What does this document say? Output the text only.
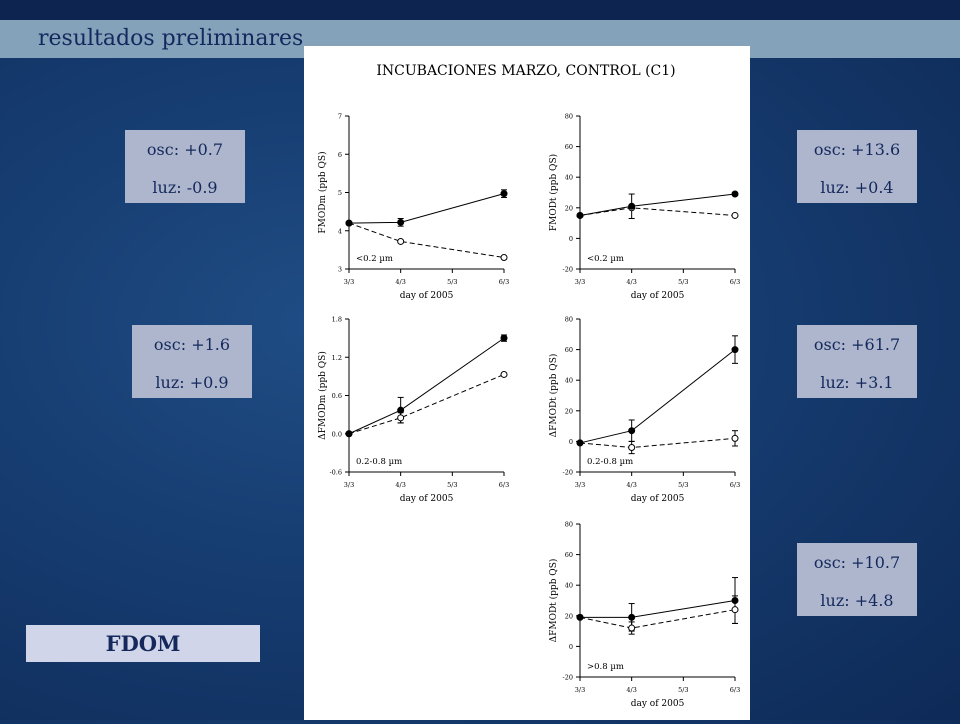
resultados preliminares
INCUBACIONES MARZO, CONTROL (C1)
3
4
5
6
7
3/3	4/3	5/3	6/3
day of 2005
FMODm (ppb QS)
<0.2 µm
-20
0
20
40
60
80
3/3	4/3	5/3	6/3
day of 2005
FMODt (ppb QS)
<0.2 µm
-0.6
0.0
0.6
1.2
1.8
3/3	4/3	5/3	6/3
day of 2005
ΔFMODm (ppb QS)
0.2-0.8 µm
-20
0
20
40
60
80
3/3	4/3	5/3	6/3
day of 2005
ΔFMODt (ppb QS)
0.2-0.8 µm
-20
0
20
40
60
80
3/3	4/3	5/3	6/3
day of 2005
ΔFMODt (ppb QS)
>0.8 µm
osc: +0.7
luz: -0.9
osc: +13.6
luz: +0.4
osc: +1.6
luz: +0.9
osc: +61.7
luz: +3.1
osc: +10.7
luz: +4.8
FDOM
